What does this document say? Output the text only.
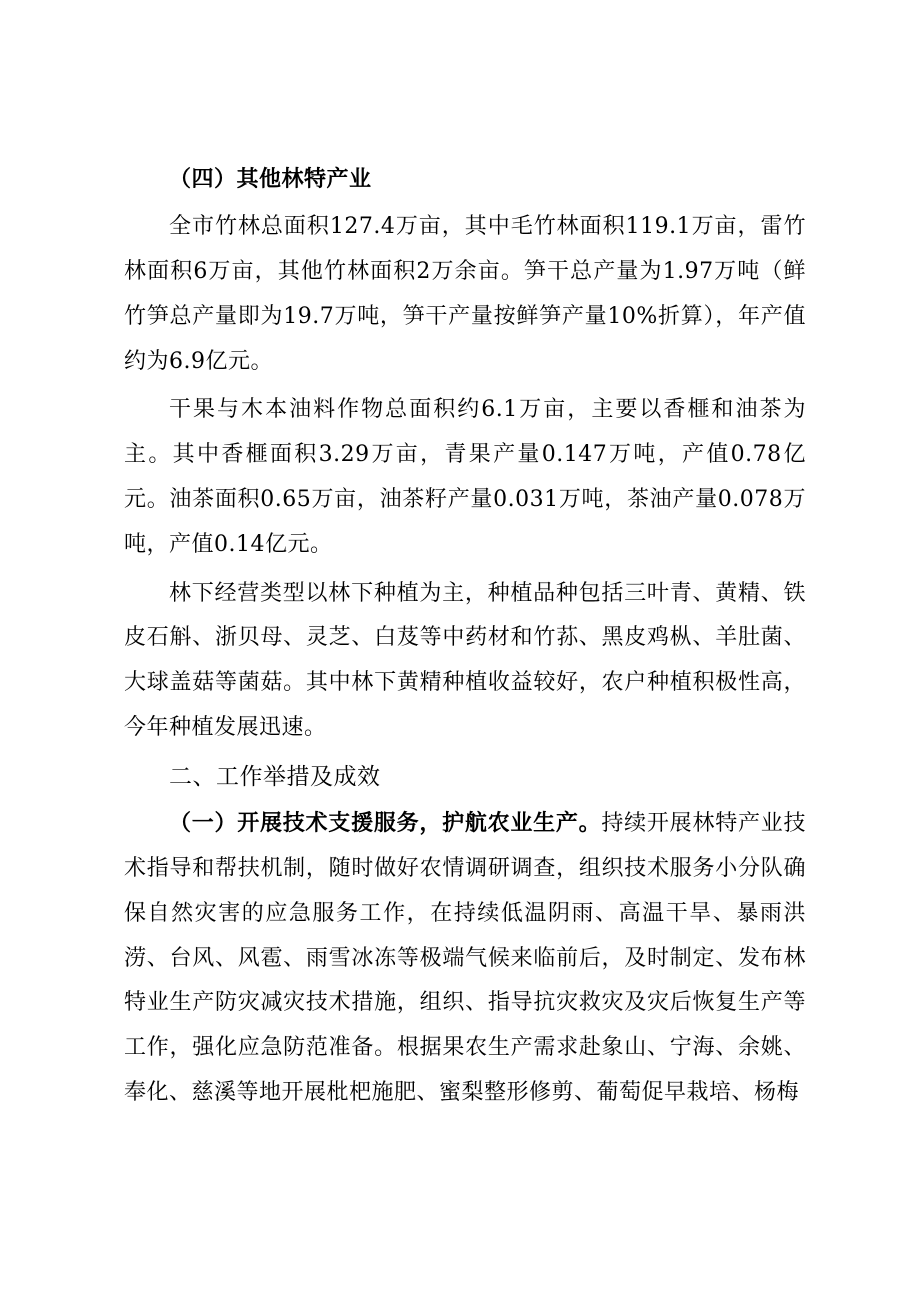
（四）其他林特产业

全市竹林总面积127.4万亩，其中毛竹林面积119.1万亩，雷竹林面积6万亩，其他竹林面积2万余亩。笋干总产量为1.97万吨（鲜竹笋总产量即为19.7万吨，笋干产量按鲜笋产量10%折算），年产值约为6.9亿元。

干果与木本油料作物总面积约6.1万亩，主要以香榧和油茶为主。其中香榧面积3.29万亩，青果产量0.147万吨，产值0.78亿元。油茶面积0.65万亩，油茶籽产量0.031万吨，茶油产量0.078万吨，产值0.14亿元。

林下经营类型以林下种植为主，种植品种包括三叶青、黄精、铁皮石斛、浙贝母、灵芝、白芨等中药材和竹荪、黑皮鸡枞、羊肚菌、大球盖菇等菌菇。其中林下黄精种植收益较好，农户种植积极性高，今年种植发展迅速。

二、工作举措及成效

（一）开展技术支援服务，护航农业生产。持续开展林特产业技术指导和帮扶机制，随时做好农情调研调查，组织技术服务小分队确保自然灾害的应急服务工作，在持续低温阴雨、高温干旱、暴雨洪涝、台风、风雹、雨雪冰冻等极端气候来临前后，及时制定、发布林特业生产防灾减灾技术措施，组织、指导抗灾救灾及灾后恢复生产等工作，强化应急防范准备。根据果农生产需求赴象山、宁海、余姚、奉化、慈溪等地开展枇杷施肥、蜜梨整形修剪、葡萄促早栽培、杨梅
